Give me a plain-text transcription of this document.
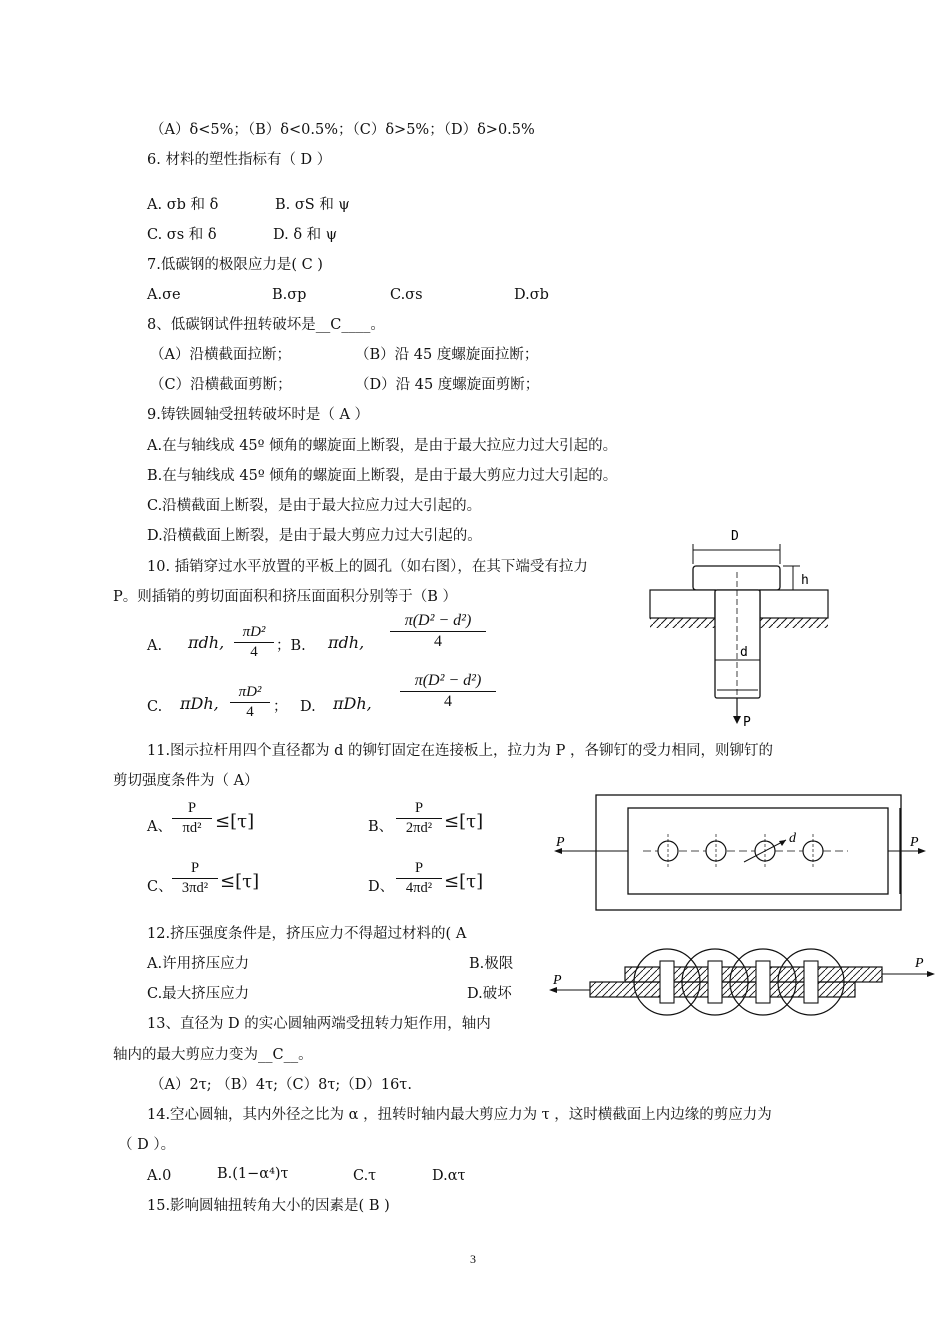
（A）δ<5%；（B）δ<0.5%；（C）δ>5%；（D）δ>0.5%
6. 材料的塑性指标有（ D ）
A. σb 和 δ	B. σS 和 ψ
C. σs 和 δ	D. δ 和 ψ
7.低碳钢的极限应力是( C )
A.σe	B.σp	C.σs	D.σb
8、低碳钢试件扭转破坏是__C____。
（A）沿横截面拉断；	（B）沿 45 度螺旋面拉断；
（C）沿横截面剪断；	（D）沿 45 度螺旋面剪断；
9.铸铁圆轴受扭转破坏时是（ A ）
A.在与轴线成 45º 倾角的螺旋面上断裂，是由于最大拉应力过大引起的。
B.在与轴线成 45º 倾角的螺旋面上断裂，是由于最大剪应力过大引起的。
C.沿横截面上断裂，是由于最大拉应力过大引起的。
D.沿横截面上断裂，是由于最大剪应力过大引起的。
10. 插销穿过水平放置的平板上的圆孔（如右图），在其下端受有拉力
P。则插销的剪切面面积和挤压面面积分别等于（B ）
A. πdh, $\frac{\text{πD²}}{4}$ ；B. πdh, $\frac{\text{π(D² − d²)}}{4}$
C. πDh, $\frac{\text{πD²}}{4}$ ； D. πDh, $\frac{\text{π(D² − d²)}}{4}$
11.图示拉杆用四个直径都为 d 的铆钉固定在连接板上，拉力为 P ，各铆钉的受力相同，则铆钉的
剪切强度条件为（ A）
A、 $\frac{P}{\text{πd²}} \le[\tau]$	B、 $\frac{P}{\text{2πd²}} \le[\tau]$
C、 $\frac{P}{\text{3πd²}} \le[\tau]$	D、 $\frac{P}{\text{4πd²}} \le[\tau]$
12.挤压强度条件是，挤压应力不得超过材料的( A
A.许用挤压应力	B.极限
C.最大挤压应力	D.破坏
13、直径为 D 的实心圆轴两端受扭转力矩作用，轴内
轴内的最大剪应力变为__C__。
（A）2τ; （B）4τ;（C）8τ;（D）16τ.
14.空心圆轴，其内外径之比为 α ，扭转时轴内最大剪应力为 τ ，这时横截面上内边缘的剪应力为
（ D ）。
A.0	B.(1−α⁴)τ	C.τ	D.ατ
15.影响圆轴扭转角大小的因素是( B )
3
D
h
d
P
d
P	P
P
P
